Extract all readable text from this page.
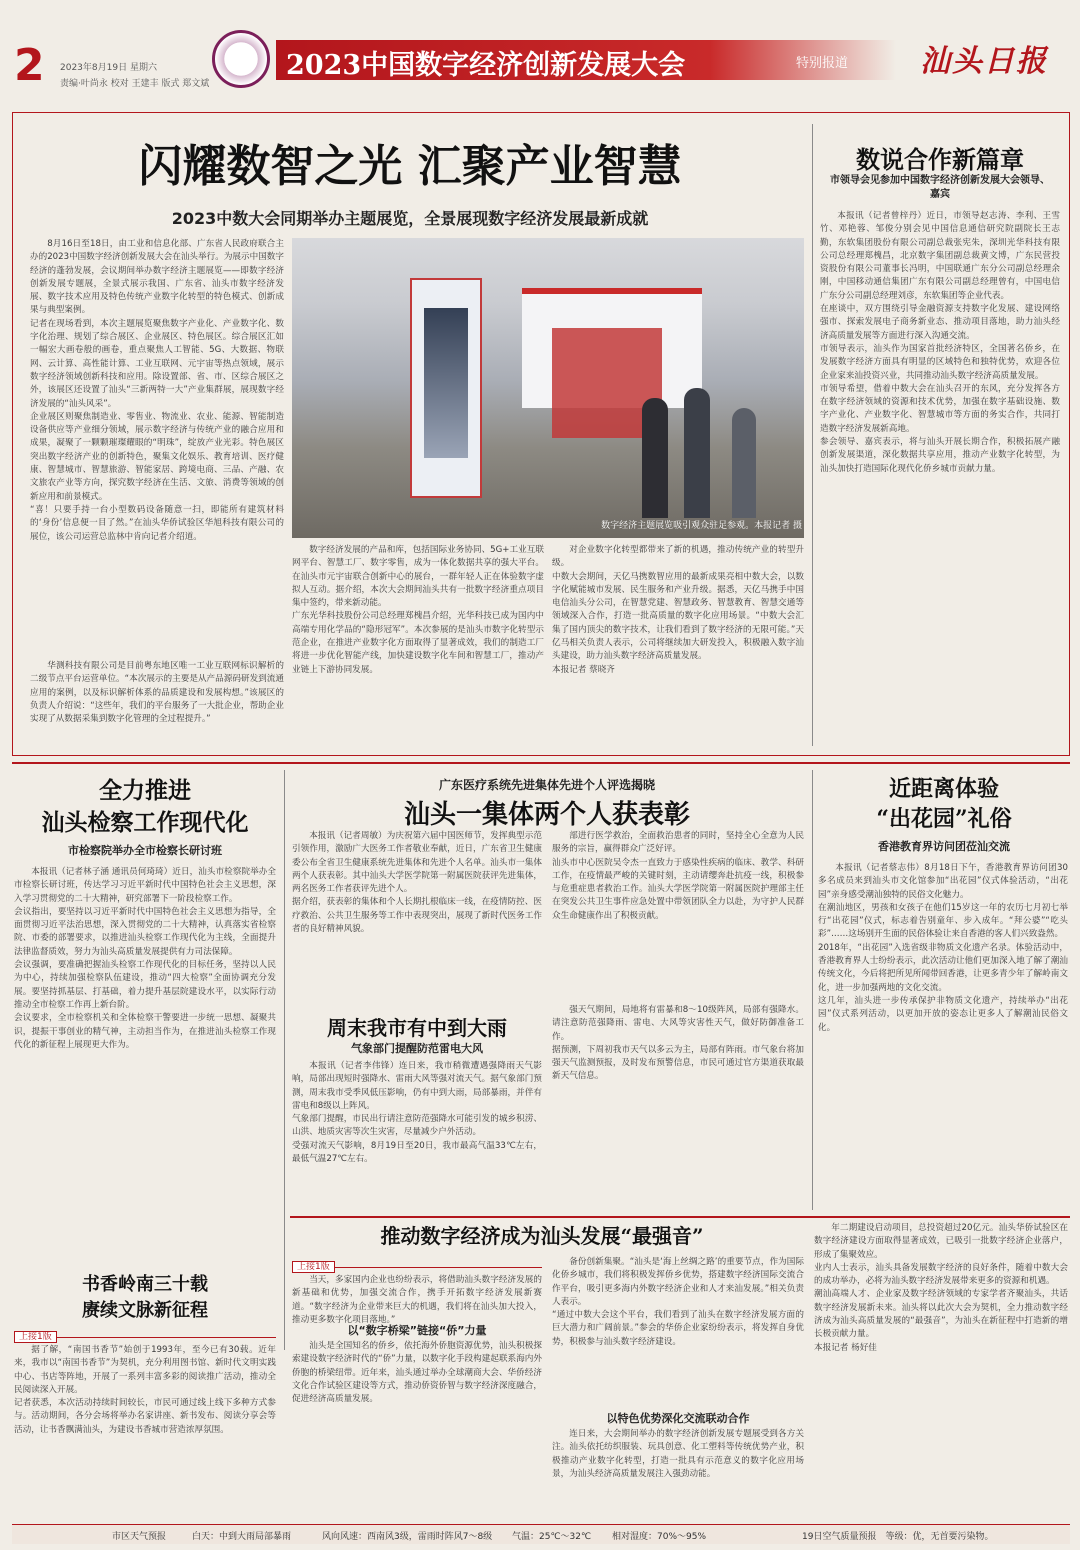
2 2023年8月19日 星期六
责编·叶尚永 校对 王建丰 版式 郑文斌
2023中国数字经济创新发展大会	特别报道 汕头日报
闪耀数智之光 汇聚产业智慧
2023中数大会同期举办主题展览，全景展现数字经济发展最新成就
8月16日至18日，由工业和信息化部、广东省人民政府联合主办的2023中国数字经济创新发展大会在汕头举行。为展示中国数字经济的蓬勃发展，会议期间举办数字经济主题展览——即数字经济创新发展专题展，全景式展示我国、广东省、汕头市数字经济发展、数字技术应用及特色传统产业数字化转型的特色模式、创新成果与典型案例。
记者在现场看到，本次主题展览聚焦数字产业化、产业数字化、数字化治理、规划了综合展区、企业展区、特色展区。综合展区汇如一幅宏大画卷般的画卷，重点聚焦人工智能、5G、大数据、物联网、云计算、高性能计算、工业互联网、元宇宙等热点领域，展示数字经济领域创新科技和应用。除设置部、省、市、区综合展区之外，该展区还设置了汕头“三新两特一大”产业集群展，展现数字经济发展的“汕头风采”。
企业展区则聚焦制造业、零售业、物流业、农业、能源、智能制造设备供应等产业细分领域，展示数字经济与传统产业的融合应用和成果，凝聚了一颗颗璀璨耀眼的“明珠”，绽放产业光彩。特色展区突出数字经济产业的创新特色，聚集文化娱乐、教育培训、医疗健康、智慧城市、智慧旅游、智能家居、跨境电商、三品、产融、农文旅农产业等方向，探究数字经济在生活、文旅、消费等领域的创新应用和前景模式。
“喜！只要手持一台小型数码设备随意一扫，即能所有建筑材料的‘身份’信息便一目了然。”在汕头华侨试验区华旭科技有限公司的展位，该公司运营总监林中肯向记者介绍道。
华测科技有限公司是目前粤东地区唯一工业互联网标识解析的二级节点平台运营单位。“本次展示的主要是从产品源码研发到流通应用的案例，以及标识解析体系的品质建设和发展构想。”该展区的负责人介绍说：“这些年，我们的平台服务了一大批企业，帮助企业实现了从数据采集到数字化管理的全过程提升。”
数字经济主题展览吸引观众驻足参观。本报记者 摄
数字经济发展的产品和库，包括国际业务协同、5G+工业互联网平台、智慧工厂、数字零售，成为一体化数据共享的强大平台。在汕头市元宇宙联合创新中心的展台，一群年轻人正在体验数字虚拟人互动。据介绍，本次大会期间汕头共有一批数字经济重点项目集中签约，带来新动能。
广东光华科技股份公司总经理郑槐昌介绍，光华科技已成为国内中高端专用化学品的“隐形冠军”。本次参展的是汕头市数字化转型示范企业，在推进产业数字化方面取得了显著成效，我们的制造工厂将进一步优化智能产线，加快建设数字化车间和智慧工厂，推动产业链上下游协同发展。
对企业数字化转型都带来了新的机遇，推动传统产业的转型升级。
中数大会期间，天亿马携数智应用的最新成果亮相中数大会，以数字化赋能城市发展、民生服务和产业升级。据悉，天亿马携手中国电信汕头分公司，在智慧党建、智慧政务、智慧教育、智慧交通等领域深入合作，打造一批高质量的数字化应用场景。“中数大会汇集了国内顶尖的数字技术，让我们看到了数字经济的无限可能。”天亿马相关负责人表示，公司将继续加大研发投入，积极融入数字汕头建设，助力汕头数字经济高质量发展。
本报记者 蔡晓齐
数说合作新篇章
市领导会见参加中国数字经济创新发展大会领导、嘉宾
本报讯（记者曾梓丹）近日，市领导赵志涛、李利、王雪竹、邓艳蓉、邹俊分别会见中国信息通信研究院副院长王志勤，东软集团股份有限公司副总裁张宪朱，深圳光华科技有限公司总经理郑槐昌，北京数字集团副总裁黄文博，广东民营投资股份有限公司董事长冯明，中国联通广东分公司副总经理余刚，中国移动通信集团广东有限公司副总经理曾有，中国电信广东分公司副总经理刘彦，东软集团等企业代表。
在座谈中，双方围绕引导金融资源支持数字化发展、建设网络强市、探索发展电子商务新业态、推动项目落地，助力汕头经济高质量发展等方面进行深入沟通交流。
市领导表示，汕头作为国家首批经济特区，全国著名侨乡，在发展数字经济方面具有明显的区域特色和独特优势，欢迎各位企业家来汕投资兴业，共同推动汕头数字经济高质量发展。
市领导希望，借着中数大会在汕头召开的东风，充分发挥各方在数字经济领域的资源和技术优势，加强在数字基础设施、数字产业化、产业数字化、智慧城市等方面的务实合作，共同打造数字经济发展新高地。
参会领导、嘉宾表示，将与汕头开展长期合作，积极拓展产融创新发展渠道，深化数据共享应用，推动产业数字化转型，为汕头加快打造国际化现代化侨乡城市贡献力量。
全力推进
汕头检察工作现代化
市检察院举办全市检察长研讨班
本报讯（记者林子涵 通讯员何琦琦）近日，汕头市检察院举办全市检察长研讨班，传达学习习近平新时代中国特色社会主义思想，深入学习贯彻党的二十大精神，研究部署下一阶段检察工作。
会议指出，要坚持以习近平新时代中国特色社会主义思想为指导，全面贯彻习近平法治思想，深入贯彻党的二十大精神，认真落实省检察院、市委的部署要求，以推进汕头检察工作现代化为主线，全面提升法律监督质效，努力为汕头高质量发展提供有力司法保障。
会议强调，要准确把握汕头检察工作现代化的目标任务，坚持以人民为中心，持续加强检察队伍建设，推动“四大检察”全面协调充分发展。要坚持抓基层、打基础，着力提升基层院建设水平，以实际行动推动全市检察工作再上新台阶。
会议要求，全市检察机关和全体检察干警要进一步统一思想、凝聚共识，提振干事创业的精气神，主动担当作为，在推进汕头检察工作现代化的新征程上展现更大作为。
广东医疗系统先进集体先进个人评选揭晓
汕头一集体两个人获表彰
本报讯（记者周敏）为庆祝第六届中国医师节，发挥典型示范引领作用，激励广大医务工作者敬业奉献，近日，广东省卫生健康委公布全省卫生健康系统先进集体和先进个人名单。汕头市一集体两个人获表彰。其中汕头大学医学院第一附属医院获评先进集体，两名医务工作者获评先进个人。
据介绍，获表彰的集体和个人长期扎根临床一线，在疫情防控、医疗救治、公共卫生服务等工作中表现突出，展现了新时代医务工作者的良好精神风貌。
部进行医学救治，全面救治患者的同时，坚持全心全意为人民服务的宗旨，赢得群众广泛好评。
汕头市中心医院吴令杰一直致力于感染性疾病的临床、教学、科研工作，在疫情最严峻的关键时刻，主动请缨奔赴抗疫一线，积极参与危重症患者救治工作。汕头大学医学院第一附属医院护理部主任在突发公共卫生事件应急处置中带领团队全力以赴，为守护人民群众生命健康作出了积极贡献。
周末我市有中到大雨
气象部门提醒防范雷电大风
本报讯（记者李伟锋）连日来，我市稍微遭遇强降雨天气影响，局部出现短时强降水、雷雨大风等强对流天气。据气象部门预测，周末我市受季风低压影响，仍有中到大雨，局部暴雨，并伴有雷电和8级以上阵风。
气象部门提醒，市民出行请注意防范强降水可能引发的城乡积涝、山洪、地质灾害等次生灾害，尽量减少户外活动。
受强对流天气影响，8月19日至20日，我市最高气温33℃左右，最低气温27℃左右。
强天气期间，局地将有雷暴和8～10级阵风，局部有强降水。请注意防范强降雨、雷电、大风等灾害性天气，做好防御准备工作。
据预测，下周初我市天气以多云为主，局部有阵雨。市气象台将加强天气监测预报，及时发布预警信息，市民可通过官方渠道获取最新天气信息。
近距离体验
“出花园”礼俗
香港教育界访问团莅汕交流
本报讯（记者蔡志伟）8月18日下午，香港教育界访问团30多名成员来到汕头市文化馆参加“出花园”仪式体验活动，“出花园”亲身感受潮汕独特的民俗文化魅力。
在潮汕地区，男孩和女孩子在他们15岁这一年的农历七月初七举行“出花园”仪式，标志着告别童年、步入成年。“拜公婆”“吃头彩”……这场别开生面的民俗体验让来自香港的客人们兴致盎然。
2018年，“出花园”入选省级非物质文化遗产名录。体验活动中，香港教育界人士纷纷表示，此次活动让他们更加深入地了解了潮汕传统文化，今后将把所见所闻带回香港，让更多青少年了解岭南文化，进一步加强两地的文化交流。
这几年，汕头进一步传承保护非物质文化遗产，持续举办“出花园”仪式系列活动，以更加开放的姿态让更多人了解潮汕民俗文化。
书香岭南三十载
赓续文脉新征程
上接1版
据了解，“南国书香节”始创于1993年，至今已有30载。近年来，我市以“南国书香节”为契机，充分利用图书馆、新时代文明实践中心、书店等阵地，开展了一系列丰富多彩的阅读推广活动，推动全民阅读深入开展。
记者获悉，本次活动持续时间较长，市民可通过线上线下多种方式参与。活动期间，各分会场将举办名家讲座、新书发布、阅读分享会等活动，让书香飘满汕头，为建设书香城市营造浓厚氛围。
推动数字经济成为汕头发展“最强音”
上接1版
当天，多家国内企业也纷纷表示，将借助汕头数字经济发展的新基础和优势，加强交流合作，携手开拓数字经济发展新赛道。“数字经济为企业带来巨大的机遇，我们将在汕头加大投入，推动更多数字化项目落地。”
以“数字桥梁”链接“侨”力量
汕头是全国知名的侨乡，依托海外侨胞资源优势，汕头积极探索建设数字经济时代的“侨”力量，以数字化手段构建起联系海内外侨胞的桥梁纽带。近年来，汕头通过举办全球潮商大会、华侨经济文化合作试验区建设等方式，推动侨资侨智与数字经济深度融合，促进经济高质量发展。
备份创新集聚。“汕头是‘海上丝绸之路’的重要节点，作为国际化侨乡城市，我们将积极发挥侨乡优势，搭建数字经济国际交流合作平台，吸引更多海内外数字经济企业和人才来汕发展。”相关负责人表示。
“通过中数大会这个平台，我们看到了汕头在数字经济发展方面的巨大潜力和广阔前景。”参会的华侨企业家纷纷表示，将发挥自身优势，积极参与汕头数字经济建设。
以特色优势深化交流联动合作
连日来，大会期间举办的数字经济创新发展专题展受到各方关注。汕头依托纺织服装、玩具创意、化工塑料等传统优势产业，积极推动产业数字化转型，打造一批具有示范意义的数字化应用场景，为汕头经济高质量发展注入强劲动能。
年二期建设启动项目，总投资超过20亿元。汕头华侨试验区在数字经济建设方面取得显著成效，已吸引一批数字经济企业落户，形成了集聚效应。
业内人士表示，汕头具备发展数字经济的良好条件，随着中数大会的成功举办，必将为汕头数字经济发展带来更多的资源和机遇。
潮汕高端人才、企业家及数字经济领域的专家学者齐聚汕头，共话数字经济发展新未来。汕头将以此次大会为契机，全力推动数字经济成为汕头高质量发展的“最强音”，为汕头在新征程中打造新的增长极贡献力量。
本报记者 杨好佳
市区天气预报	白天：中到大雨局部暴雨	风向风速：西南风3级，雷雨时阵风7～8级 气温：25℃～32℃ 相对湿度：70%～95%	19日空气质量预报　等级：优，无首要污染物。
